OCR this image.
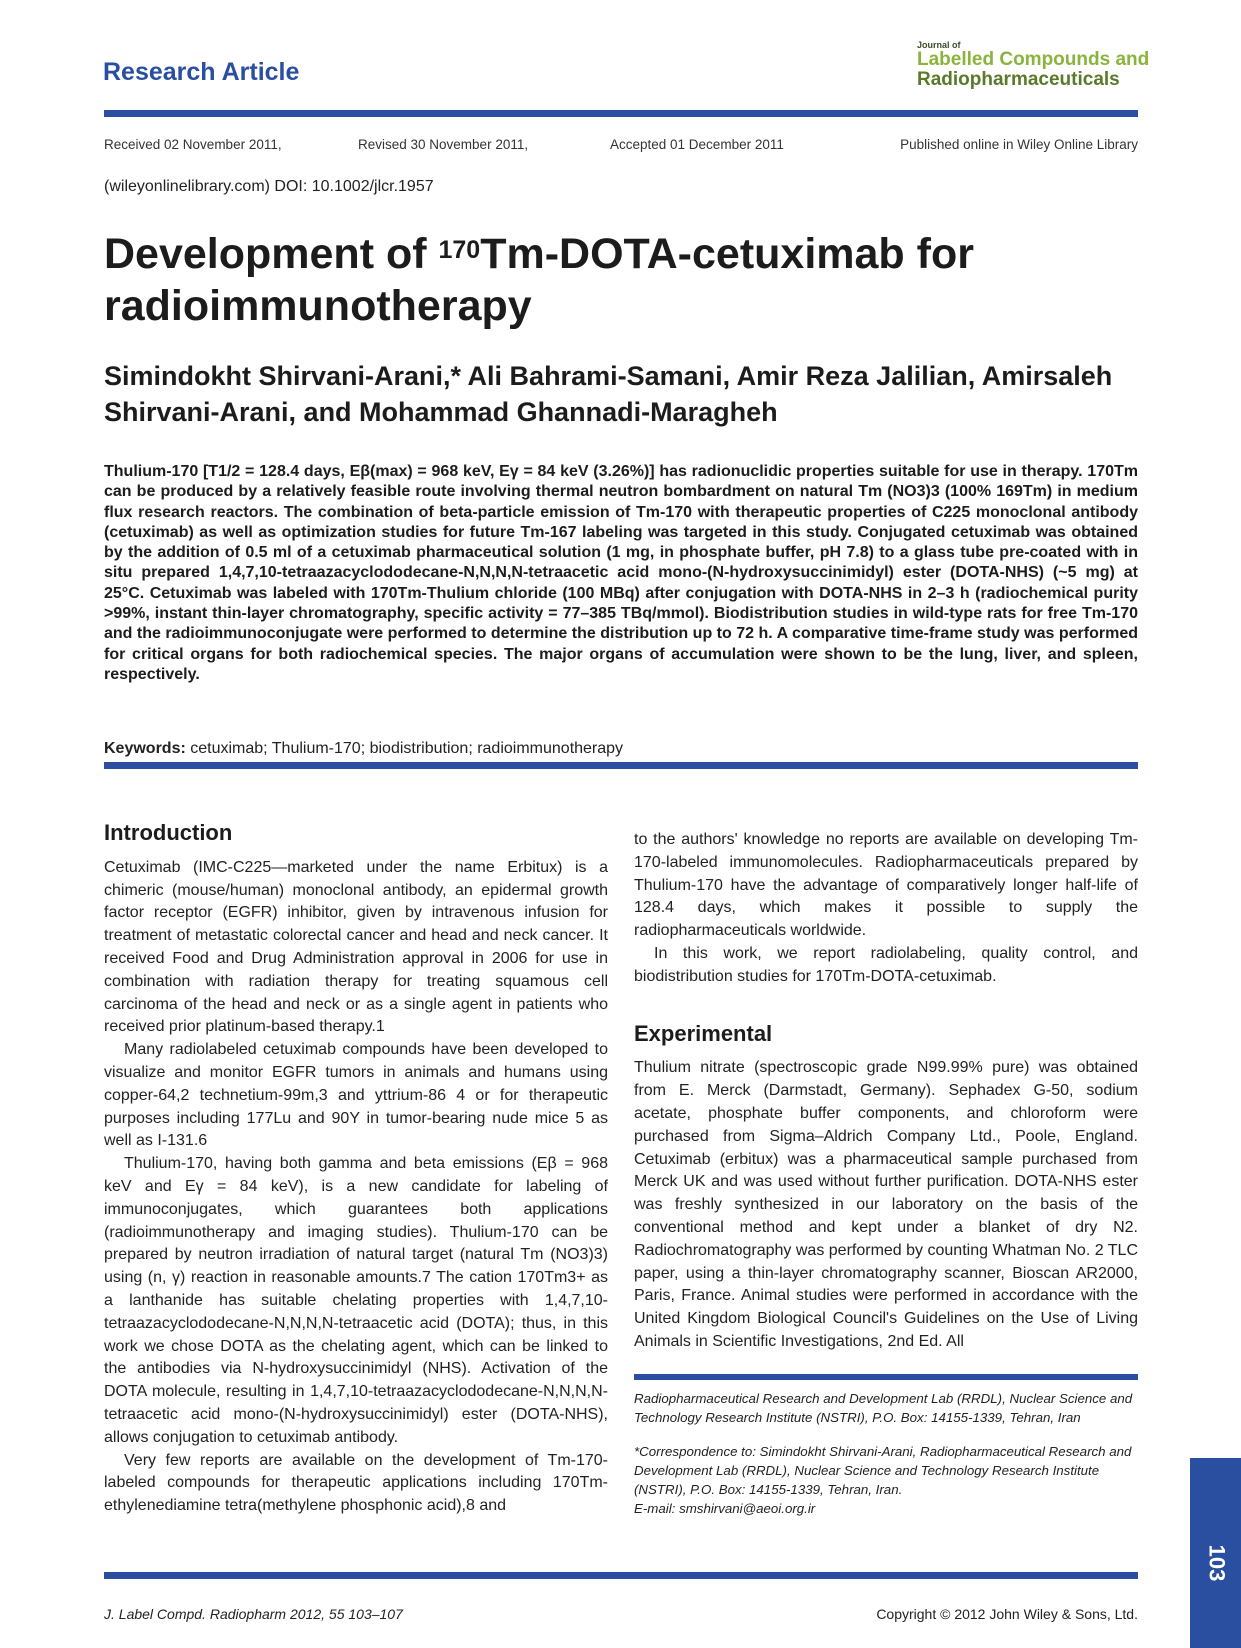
Research Article
Journal of
Labelled Compounds and
Radiopharmaceuticals
Received 02 November 2011,	Revised 30 November 2011,	Accepted 01 December 2011	Published online in Wiley Online Library
(wileyonlinelibrary.com) DOI: 10.1002/jlcr.1957
Development of $^{170}$Tm-DOTA-cetuximab for radioimmunotherapy
Simindokht Shirvani-Arani,* Ali Bahrami-Samani, Amir Reza Jalilian, Amirsaleh Shirvani-Arani, and Mohammad Ghannadi-Maragheh
Thulium-170 [T1/2 = 128.4 days, Eβ(max) = 968 keV, Eγ = 84 keV (3.26%)] has radionuclidic properties suitable for use in therapy. 170Tm can be produced by a relatively feasible route involving thermal neutron bombardment on natural Tm (NO3)3 (100% 169Tm) in medium flux research reactors. The combination of beta-particle emission of Tm-170 with therapeutic properties of C225 monoclonal antibody (cetuximab) as well as optimization studies for future Tm-167 labeling was targeted in this study. Conjugated cetuximab was obtained by the addition of 0.5 ml of a cetuximab pharmaceutical solution (1 mg, in phosphate buffer, pH 7.8) to a glass tube pre-coated with in situ prepared 1,4,7,10-tetraazacyclododecane-N,N,N,N-tetraacetic acid mono-(N-hydroxysuccinimidyl) ester (DOTA-NHS) (~5 mg) at 25°C. Cetuximab was labeled with 170Tm-Thulium chloride (100 MBq) after conjugation with DOTA-NHS in 2–3 h (radiochemical purity >99%, instant thin-layer chromatography, specific activity = 77–385 TBq/mmol). Biodistribution studies in wild-type rats for free Tm-170 and the radioimmunoconjugate were performed to determine the distribution up to 72 h. A comparative time-frame study was performed for critical organs for both radiochemical species. The major organs of accumulation were shown to be the lung, liver, and spleen, respectively.
Keywords: cetuximab; Thulium-170; biodistribution; radioimmunotherapy
Introduction

Cetuximab (IMC-C225—marketed under the name Erbitux) is a chimeric (mouse/human) monoclonal antibody, an epidermal growth factor receptor (EGFR) inhibitor, given by intravenous infusion for treatment of metastatic colorectal cancer and head and neck cancer. It received Food and Drug Administration approval in 2006 for use in combination with radiation therapy for treating squamous cell carcinoma of the head and neck or as a single agent in patients who received prior platinum-based therapy.1

Many radiolabeled cetuximab compounds have been developed to visualize and monitor EGFR tumors in animals and humans using copper-64,2 technetium-99m,3 and yttrium-86 4 or for therapeutic purposes including 177Lu and 90Y in tumor-bearing nude mice 5 as well as I-131.6

Thulium-170, having both gamma and beta emissions (Eβ = 968 keV and Eγ = 84 keV), is a new candidate for labeling of immunoconjugates, which guarantees both applications (radioimmunotherapy and imaging studies). Thulium-170 can be prepared by neutron irradiation of natural target (natural Tm (NO3)3) using (n, γ) reaction in reasonable amounts.7 The cation 170Tm3+ as a lanthanide has suitable chelating properties with 1,4,7,10-tetraazacyclododecane-N,N,N,N-tetraacetic acid (DOTA); thus, in this work we chose DOTA as the chelating agent, which can be linked to the antibodies via N-hydroxysuccinimidyl (NHS). Activation of the DOTA molecule, resulting in 1,4,7,10-tetraazacyclododecane-N,N,N,N-tetraacetic acid mono-(N-hydroxysuccinimidyl) ester (DOTA-NHS), allows conjugation to cetuximab antibody.

Very few reports are available on the development of Tm-170-labeled compounds for therapeutic applications including 170Tm-ethylenediamine tetra(methylene phosphonic acid),8 and

to the authors' knowledge no reports are available on developing Tm-170-labeled immunomolecules. Radiopharmaceuticals prepared by Thulium-170 have the advantage of comparatively longer half-life of 128.4 days, which makes it possible to supply the radiopharmaceuticals worldwide.

In this work, we report radiolabeling, quality control, and biodistribution studies for 170Tm-DOTA-cetuximab.

Experimental

Thulium nitrate (spectroscopic grade N99.99% pure) was obtained from E. Merck (Darmstadt, Germany). Sephadex G-50, sodium acetate, phosphate buffer components, and chloroform were purchased from Sigma–Aldrich Company Ltd., Poole, England. Cetuximab (erbitux) was a pharmaceutical sample purchased from Merck UK and was used without further purification. DOTA-NHS ester was freshly synthesized in our laboratory on the basis of the conventional method and kept under a blanket of dry N2. Radiochromatography was performed by counting Whatman No. 2 TLC paper, using a thin-layer chromatography scanner, Bioscan AR2000, Paris, France. Animal studies were performed in accordance with the United Kingdom Biological Council's Guidelines on the Use of Living Animals in Scientific Investigations, 2nd Ed. All

Radiopharmaceutical Research and Development Lab (RRDL), Nuclear Science and Technology Research Institute (NSTRI), P.O. Box: 14155-1339, Tehran, Iran
*Correspondence to: Simindokht Shirvani-Arani, Radiopharmaceutical Research and Development Lab (RRDL), Nuclear Science and Technology Research Institute (NSTRI), P.O. Box: 14155-1339, Tehran, Iran.
E-mail: smshirvani@aeoi.org.ir
J. Label Compd. Radiopharm 2012, 55 103–107	Copyright © 2012 John Wiley & Sons, Ltd.
103
